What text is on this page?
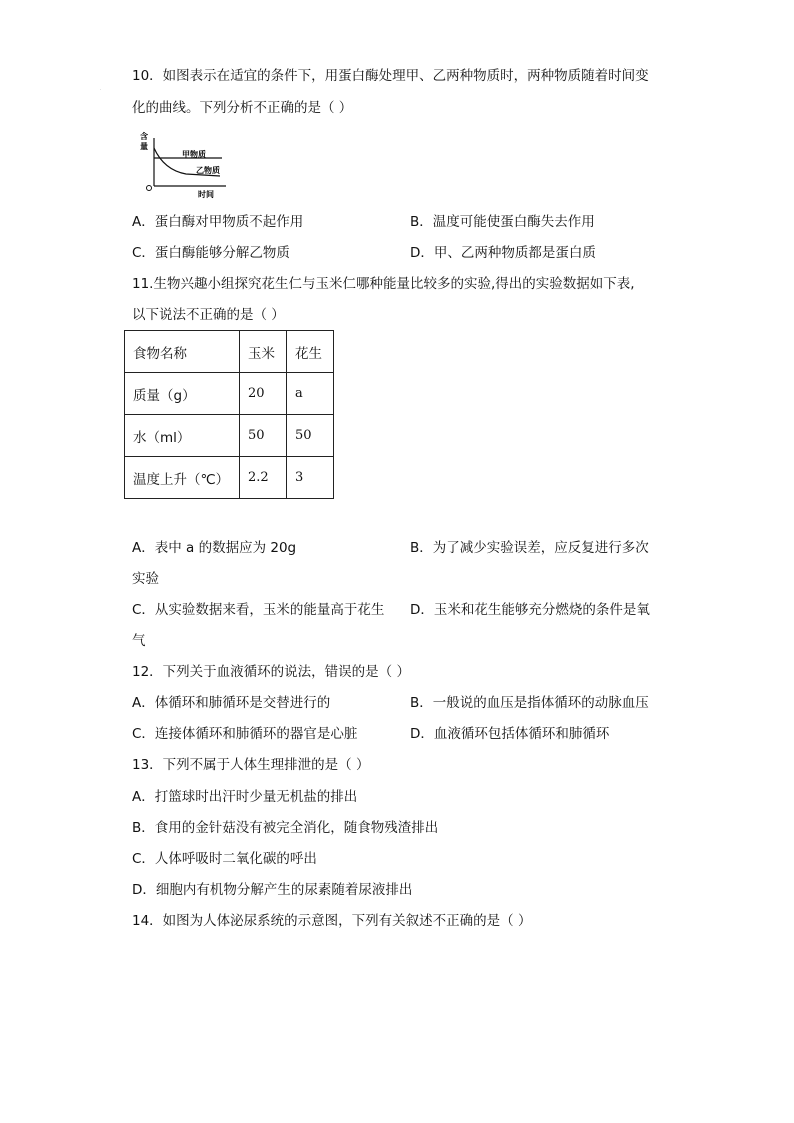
10．如图表示在适宜的条件下，用蛋白酶处理甲、乙两种物质时，两种物质随着时间变
化的曲线。下列分析不正确的是（ ）
含
量
甲物质
乙物质
时间
O
A．蛋白酶对甲物质不起作用	B．温度可能使蛋白酶失去作用
C．蛋白酶能够分解乙物质	D．甲、乙两种物质都是蛋白质
11.生物兴趣小组探究花生仁与玉米仁哪种能量比较多的实验,得出的实验数据如下表,
以下说法不正确的是（ ）
食物名称	玉米	花生
质量（g）	20	a
水（ml）	50	50
温度上升（℃）	2.2	3
A．表中 a 的数据应为 20g	B．为了减少实验误差，应反复进行多次
实验
C．从实验数据来看，玉米的能量高于花生 D．玉米和花生能够充分燃烧的条件是氧
气
12．下列关于血液循环的说法，错误的是（ ）
A．体循环和肺循环是交替进行的	B．一般说的血压是指体循环的动脉血压
C．连接体循环和肺循环的器官是心脏	D．血液循环包括体循环和肺循环
13．下列不属于人体生理排泄的是（ ）
A．打篮球时出汗时少量无机盐的排出
B．食用的金针菇没有被完全消化，随食物残渣排出
C．人体呼吸时二氧化碳的呼出
D．细胞内有机物分解产生的尿素随着尿液排出
14．如图为人体泌尿系统的示意图，下列有关叙述不正确的是（ ）
